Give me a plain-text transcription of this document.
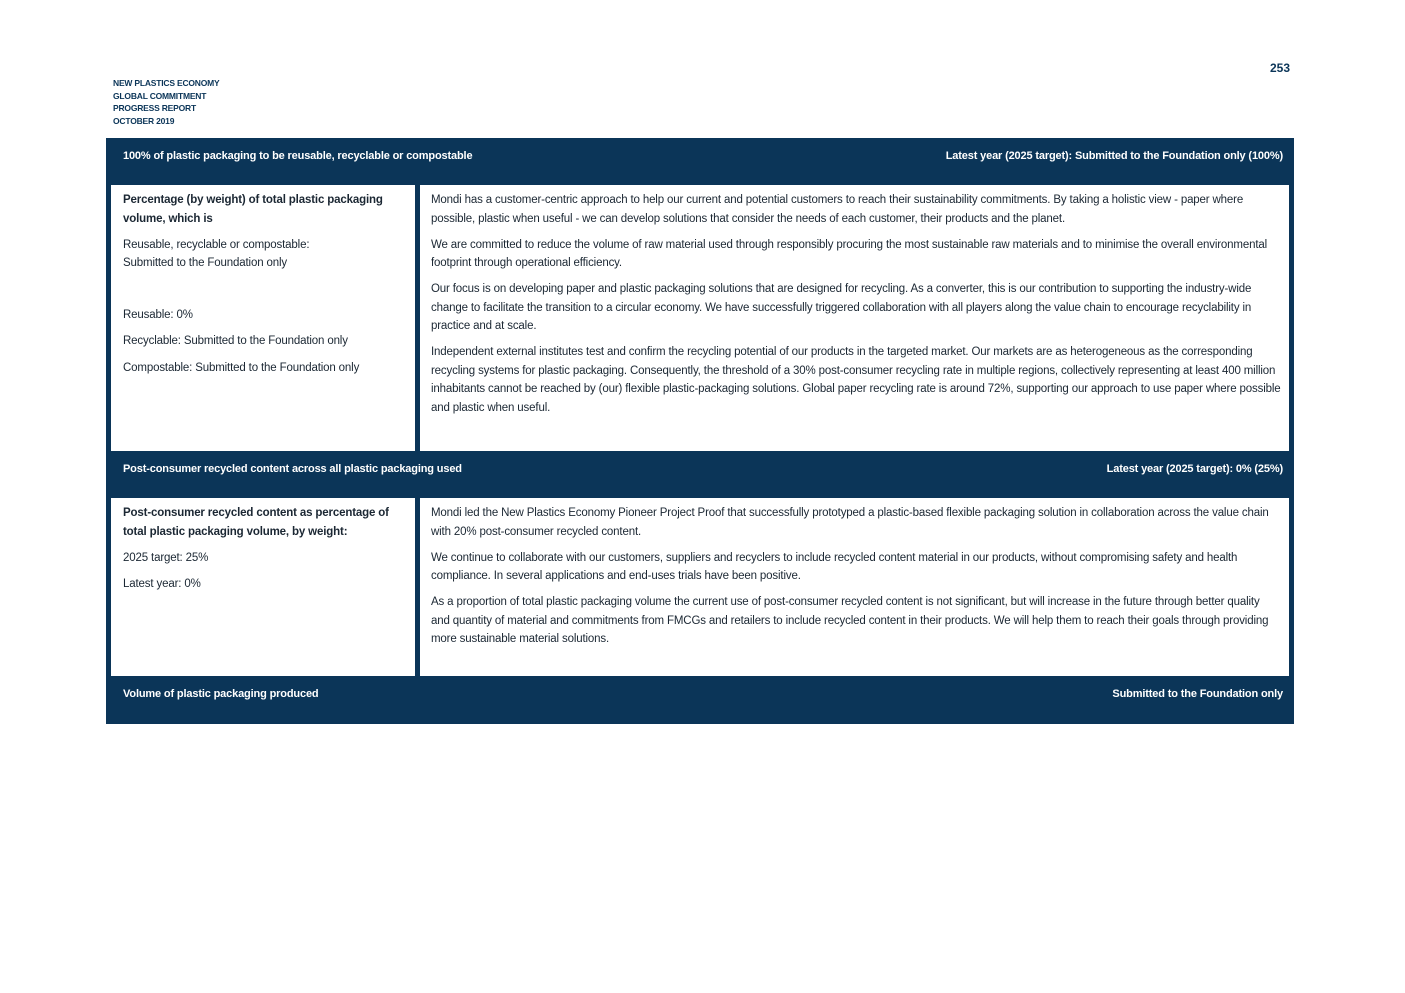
NEW PLASTICS ECONOMY
GLOBAL COMMITMENT
PROGRESS REPORT
OCTOBER 2019
253
100% of plastic packaging to be reusable, recyclable or compostable	Latest year (2025 target): Submitted to the Foundation only (100%)

Percentage (by weight) of total plastic packaging volume, which is

Reusable, recyclable or compostable:

Submitted to the Foundation only

Reusable: 0%

Recyclable: Submitted to the Foundation only

Compostable: Submitted to the Foundation only

Mondi has a customer-centric approach to help our current and potential customers to reach their sustainability commitments. By taking a holistic view - paper where possible, plastic when useful - we can develop solutions that consider the needs of each customer, their products and the planet.

We are committed to reduce the volume of raw material used through responsibly procuring the most sustainable raw materials and to minimise the overall environmental footprint through operational efficiency.

Our focus is on developing paper and plastic packaging solutions that are designed for recycling. As a converter, this is our contribution to supporting the industry-wide change to facilitate the transition to a circular economy. We have successfully triggered collaboration with all players along the value chain to encourage recyclability in practice and at scale.

Independent external institutes test and confirm the recycling potential of our products in the targeted market. Our markets are as heterogeneous as the corresponding recycling systems for plastic packaging. Consequently, the threshold of a 30% post-consumer recycling rate in multiple regions, collectively representing at least 400 million inhabitants cannot be reached by (our) flexible plastic-packaging solutions. Global paper recycling rate is around 72%, supporting our approach to use paper where possible and plastic when useful.

Post-consumer recycled content across all plastic packaging used	Latest year (2025 target): 0% (25%)

Post-consumer recycled content as percentage of total plastic packaging volume, by weight:

2025 target: 25%

Latest year: 0%

Mondi led the New Plastics Economy Pioneer Project Proof that successfully prototyped a plastic-based flexible packaging solution in collaboration across the value chain with 20% post-consumer recycled content.

We continue to collaborate with our customers, suppliers and recyclers to include recycled content material in our products, without compromising safety and health compliance. In several applications and end-uses trials have been positive.

As a proportion of total plastic packaging volume the current use of post-consumer recycled content is not significant, but will increase in the future through better quality and quantity of material and commitments from FMCGs and retailers to include recycled content in their products. We will help them to reach their goals through providing more sustainable material solutions.

Volume of plastic packaging produced	Submitted to the Foundation only
